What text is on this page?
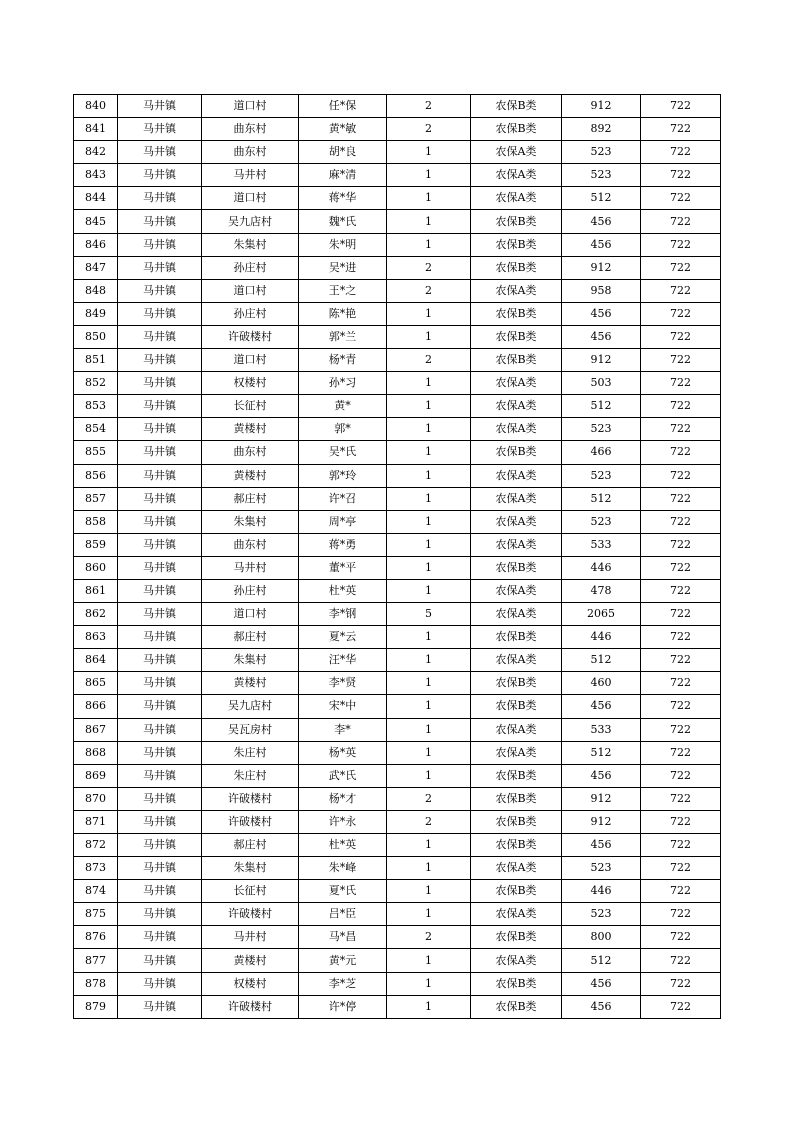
840	马井镇	道口村	任*保	2	农保B类	912	722
841	马井镇	曲东村	黄*敏	2	农保B类	892	722
842	马井镇	曲东村	胡*良	1	农保A类	523	722
843	马井镇	马井村	麻*清	1	农保A类	523	722
844	马井镇	道口村	蒋*华	1	农保A类	512	722
845	马井镇	吴九店村	魏*氏	1	农保B类	456	722
846	马井镇	朱集村	朱*明	1	农保B类	456	722
847	马井镇	孙庄村	吴*进	2	农保B类	912	722
848	马井镇	道口村	王*之	2	农保A类	958	722
849	马井镇	孙庄村	陈*艳	1	农保B类	456	722
850	马井镇	许破楼村	郭*兰	1	农保B类	456	722
851	马井镇	道口村	杨*青	2	农保B类	912	722
852	马井镇	权楼村	孙*习	1	农保A类	503	722
853	马井镇	长征村	黄*	1	农保A类	512	722
854	马井镇	黄楼村	郭*	1	农保A类	523	722
855	马井镇	曲东村	吴*氏	1	农保B类	466	722
856	马井镇	黄楼村	郭*玲	1	农保A类	523	722
857	马井镇	郝庄村	许*召	1	农保A类	512	722
858	马井镇	朱集村	周*亭	1	农保A类	523	722
859	马井镇	曲东村	蒋*勇	1	农保A类	533	722
860	马井镇	马井村	董*平	1	农保B类	446	722
861	马井镇	孙庄村	杜*英	1	农保A类	478	722
862	马井镇	道口村	李*钢	5	农保A类	2065	722
863	马井镇	郝庄村	夏*云	1	农保B类	446	722
864	马井镇	朱集村	汪*华	1	农保A类	512	722
865	马井镇	黄楼村	李*贤	1	农保B类	460	722
866	马井镇	吴九店村	宋*中	1	农保B类	456	722
867	马井镇	吴瓦房村	李*	1	农保A类	533	722
868	马井镇	朱庄村	杨*英	1	农保A类	512	722
869	马井镇	朱庄村	武*氏	1	农保B类	456	722
870	马井镇	许破楼村	杨*才	2	农保B类	912	722
871	马井镇	许破楼村	许*永	2	农保B类	912	722
872	马井镇	郝庄村	杜*英	1	农保B类	456	722
873	马井镇	朱集村	朱*峰	1	农保A类	523	722
874	马井镇	长征村	夏*氏	1	农保B类	446	722
875	马井镇	许破楼村	吕*臣	1	农保A类	523	722
876	马井镇	马井村	马*昌	2	农保B类	800	722
877	马井镇	黄楼村	黄*元	1	农保A类	512	722
878	马井镇	权楼村	李*芝	1	农保B类	456	722
879	马井镇	许破楼村	许*停	1	农保B类	456	722
